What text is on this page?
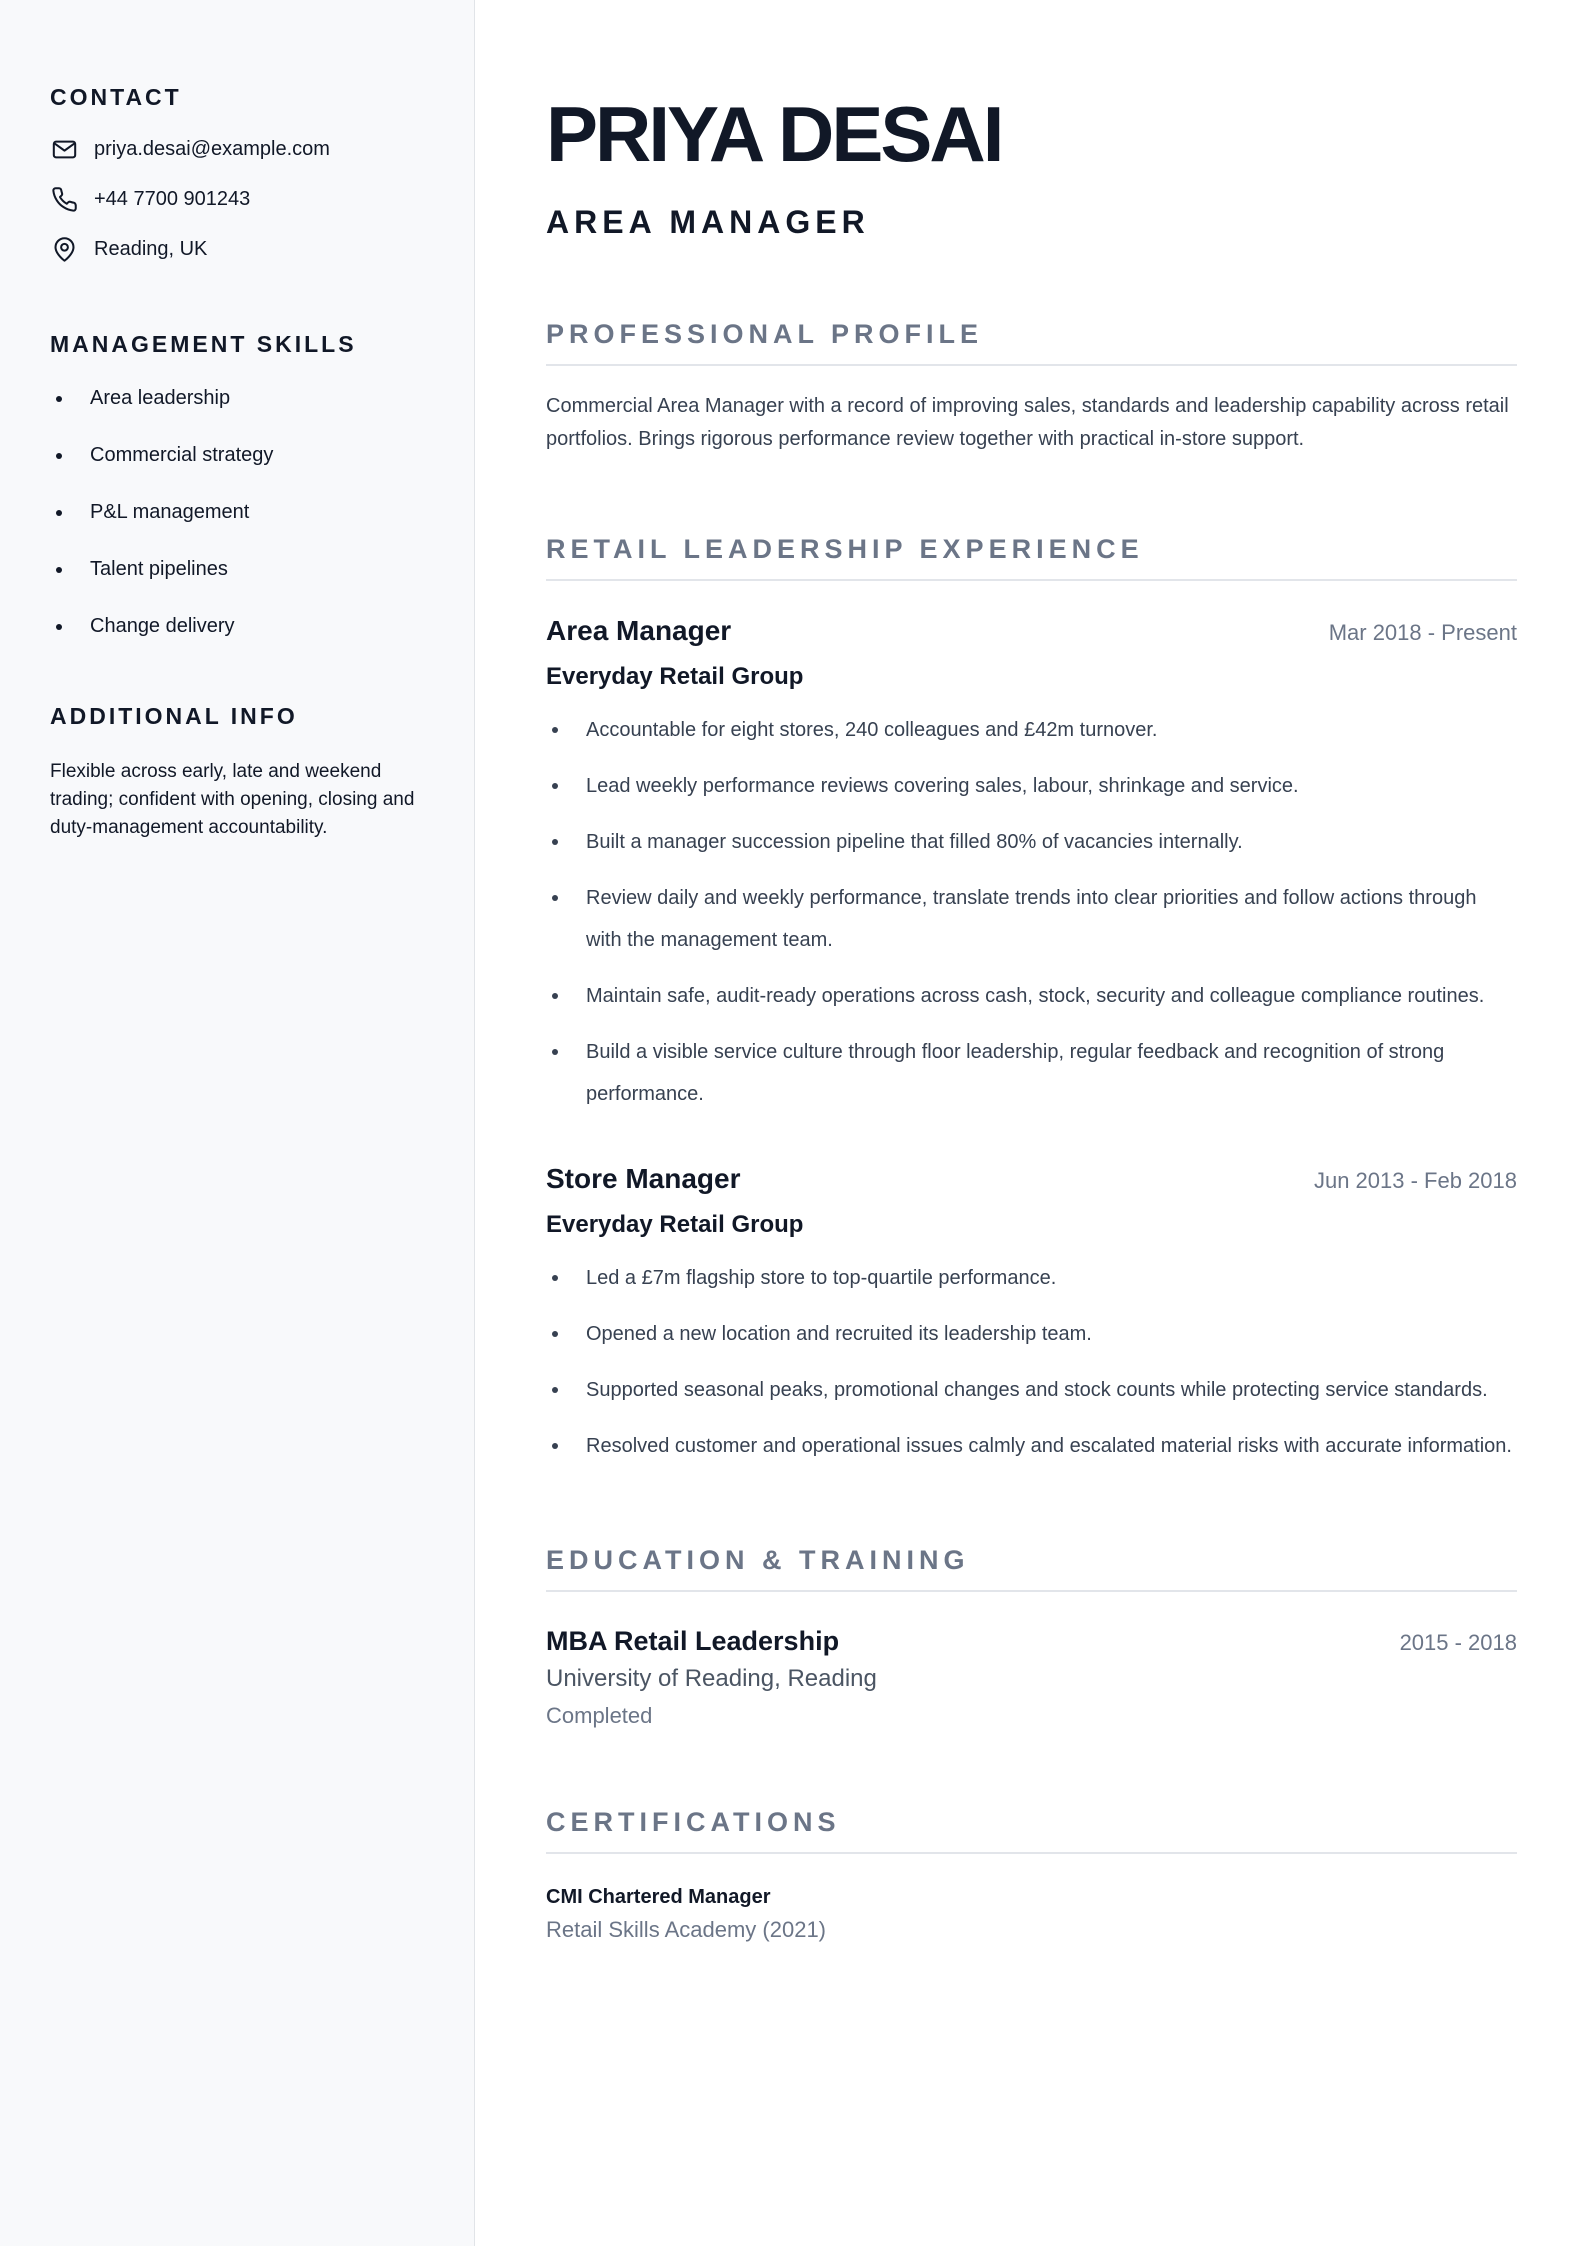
CONTACT
priya.desai@example.com
+44 7700 901243
Reading, UK
MANAGEMENT SKILLS
Area leadership
Commercial strategy
P&L management
Talent pipelines
Change delivery
ADDITIONAL INFO

Flexible across early, late and weekend trading; confident with opening, closing and duty-management accountability.

PRIYA DESAI
AREA MANAGER
PROFESSIONAL PROFILE

Commercial Area Manager with a record of improving sales, standards and leadership capability across retail portfolios. Brings rigorous performance review together with practical in-store support.

RETAIL LEADERSHIP EXPERIENCE
Area Manager	Mar 2018 - Present
Everyday Retail Group
Accountable for eight stores, 240 colleagues and £42m turnover.
Lead weekly performance reviews covering sales, labour, shrinkage and service.
Built a manager succession pipeline that filled 80% of vacancies internally.
Review daily and weekly performance, translate trends into clear priorities and follow actions through with the management team.
Maintain safe, audit-ready operations across cash, stock, security and colleague compliance routines.
Build a visible service culture through floor leadership, regular feedback and recognition of strong performance.
Store Manager	Jun 2013 - Feb 2018
Everyday Retail Group
Led a £7m flagship store to top-quartile performance.
Opened a new location and recruited its leadership team.
Supported seasonal peaks, promotional changes and stock counts while protecting service standards.
Resolved customer and operational issues calmly and escalated material risks with accurate information.
EDUCATION & TRAINING
MBA Retail Leadership	2015 - 2018
University of Reading, Reading
Completed
CERTIFICATIONS
CMI Chartered Manager
Retail Skills Academy (2021)
